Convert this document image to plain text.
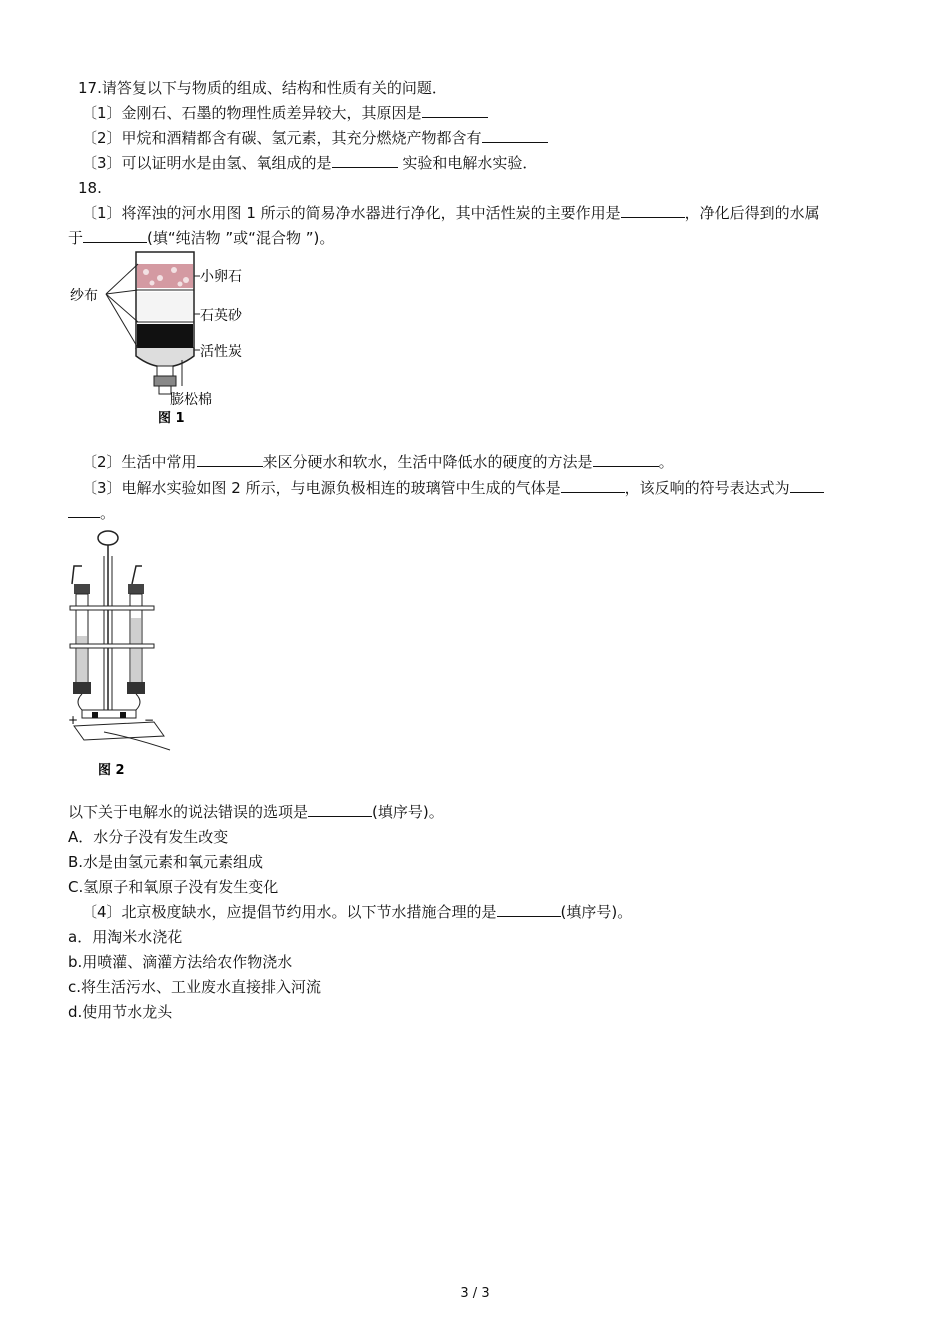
17.请答复以下与物质的组成、结构和性质有关的问题．
〔1〕金刚石、石墨的物理性质差异较大，其原因是
〔2〕甲烷和酒精都含有碳、氢元素，其充分燃烧产物都含有
〔3〕可以证明水是由氢、氧组成的是	实验和电解水实验．
18.
〔1〕将浑浊的河水用图 1 所示的简易净水器进行净化，其中活性炭的主要作用是	，净化后得到的水属
于	(填“纯洁物 ”或“混合物 ”)。
纱布
小卵石
石英砂
活性炭
膨松棉
图 1
〔2〕生活中常用	来区分硬水和软水，生活中降低水的硬度的方法是	。
〔3〕电解水实验如图 2 所示，与电源负极相连的玻璃管中生成的气体是	，该反响的符号表达式为
。
+	−
图 2
以下关于电解水的说法错误的选项是	(填序号)。
A．水分子没有发生改变
B.水是由氢元素和氧元素组成
C.氢原子和氧原子没有发生变化
〔4〕北京极度缺水，应提倡节约用水。以下节水措施合理的是	(填序号)。
a．用淘米水浇花
b.用喷灌、滴灌方法给农作物浇水
c.将生活污水、工业废水直接排入河流
d.使用节水龙头
3 / 3
